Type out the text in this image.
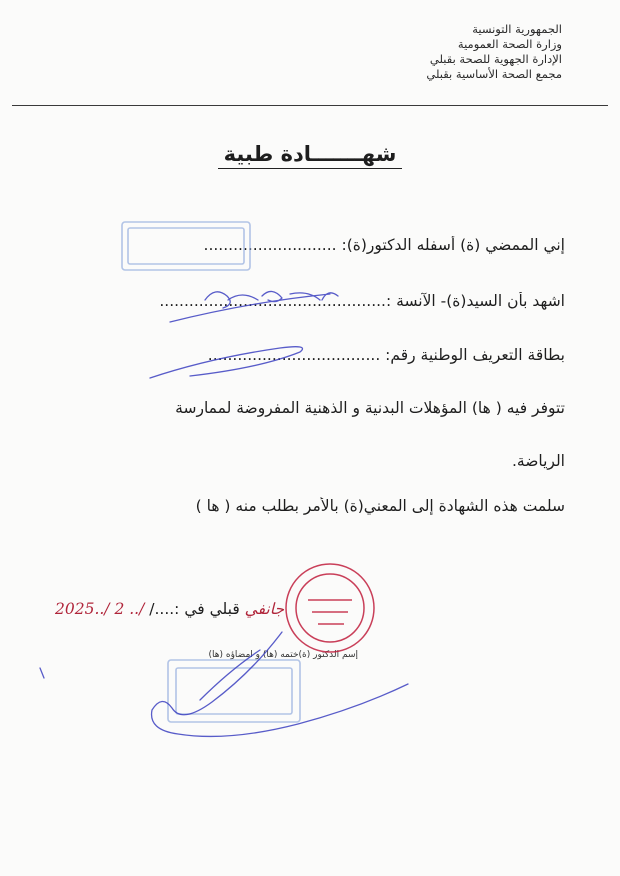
الجمهورية التونسية
وزارة الصحة العمومية
الإدارة الجهوية للصحة بقبلي
مجمع الصحة الأساسية بقبلي
شهـــــــادة طبية
إني الممضي (ة) أسفله الدكتور(ة): ...........................
اشهد بأن السيد(ة)- الآنسة :..............................................
بطاقة التعريف الوطنية رقم: ...................................
تتوفر فيه ( ها) المؤهلات البدنية و الذهنية المفروضة لممارسة
الرياضة.
سلمت هذه الشهادة إلى المعني(ة) بالأمر بطلب منه ( ها )
2025../ 2 ../ جانفي قبلي في :..../
إسم الدكتور (ة)ختمه (ها) و امضاؤه (ها)
